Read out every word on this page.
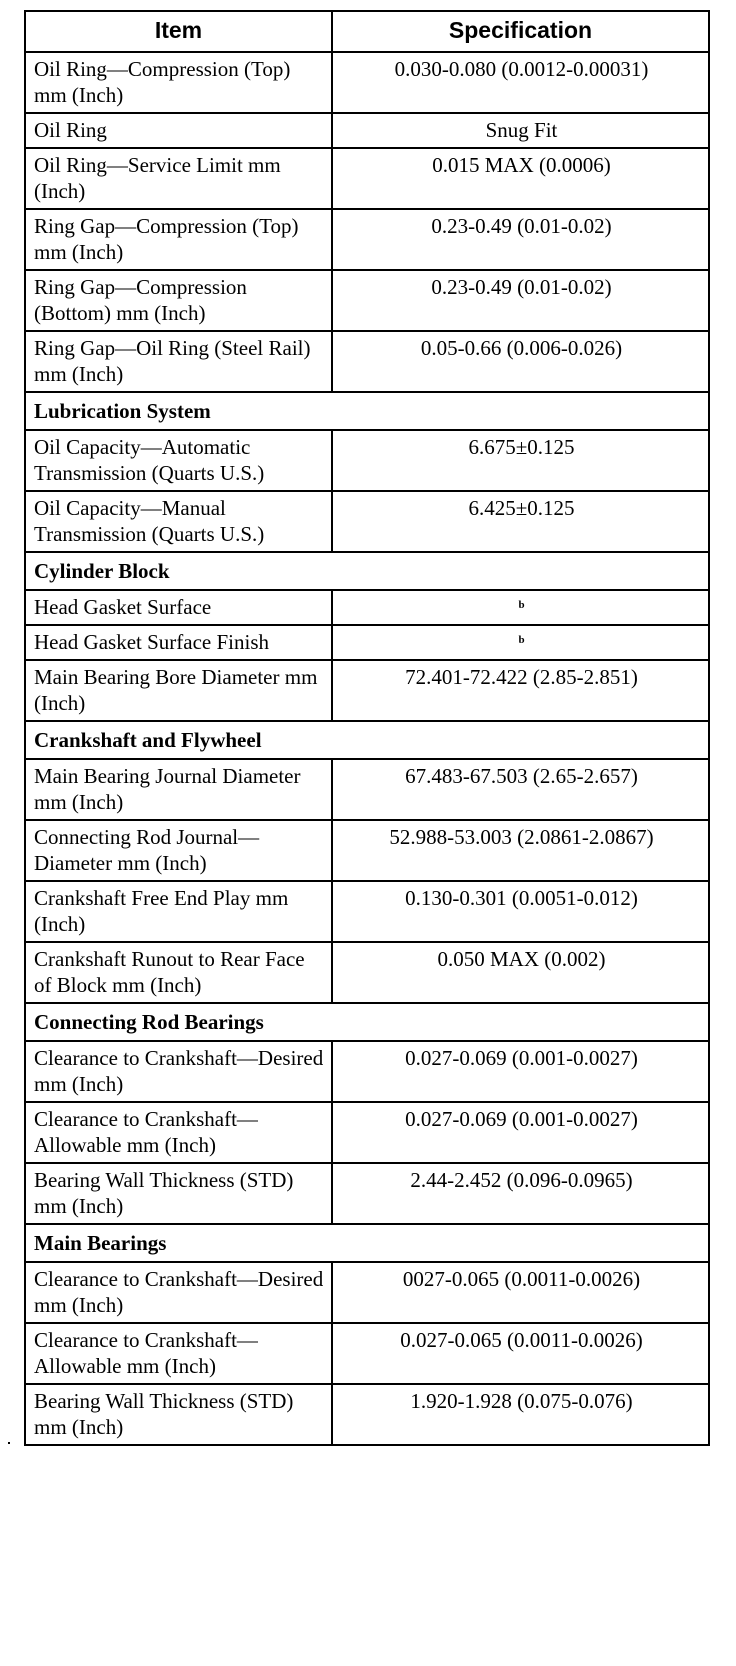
Item	Specification
Oil Ring—Compression (Top) mm (Inch)	0.030-0.080 (0.0012-0.00031)
Oil Ring	Snug Fit
Oil Ring—Service Limit mm (Inch)	0.015 MAX (0.0006)
Ring Gap—Compression (Top) mm (Inch)	0.23-0.49 (0.01-0.02)
Ring Gap—Compression (Bottom) mm (Inch)	0.23-0.49 (0.01-0.02)
Ring Gap—Oil Ring (Steel Rail) mm (Inch)	0.05-0.66 (0.006-0.026)
Lubrication System	
Oil Capacity—Automatic Transmission (Quarts U.S.)	6.675±0.125
Oil Capacity—Manual Transmission (Quarts U.S.)	6.425±0.125
Cylinder Block	
Head Gasket Surface	$^b$
Head Gasket Surface Finish	$^b$
Main Bearing Bore Diameter mm (Inch)	72.401-72.422 (2.85-2.851)
Crankshaft and Flywheel	
Main Bearing Journal Diameter mm (Inch)	67.483-67.503 (2.65-2.657)
Connecting Rod Journal—Diameter mm (Inch)	52.988-53.003 (2.0861-2.0867)
Crankshaft Free End Play mm (Inch)	0.130-0.301 (0.0051-0.012)
Crankshaft Runout to Rear Face of Block mm (Inch)	0.050 MAX (0.002)
Connecting Rod Bearings	
Clearance to Crankshaft—Desired mm (Inch)	0.027-0.069 (0.001-0.0027)
Clearance to Crankshaft—Allowable mm (Inch)	0.027-0.069 (0.001-0.0027)
Bearing Wall Thickness (STD) mm (Inch)	2.44-2.452 (0.096-0.0965)
Main Bearings	
Clearance to Crankshaft—Desired mm (Inch)	0027-0.065 (0.0011-0.0026)
Clearance to Crankshaft—Allowable mm (Inch)	0.027-0.065 (0.0011-0.0026)
Bearing Wall Thickness (STD) mm (Inch)	1.920-1.928 (0.075-0.076)
